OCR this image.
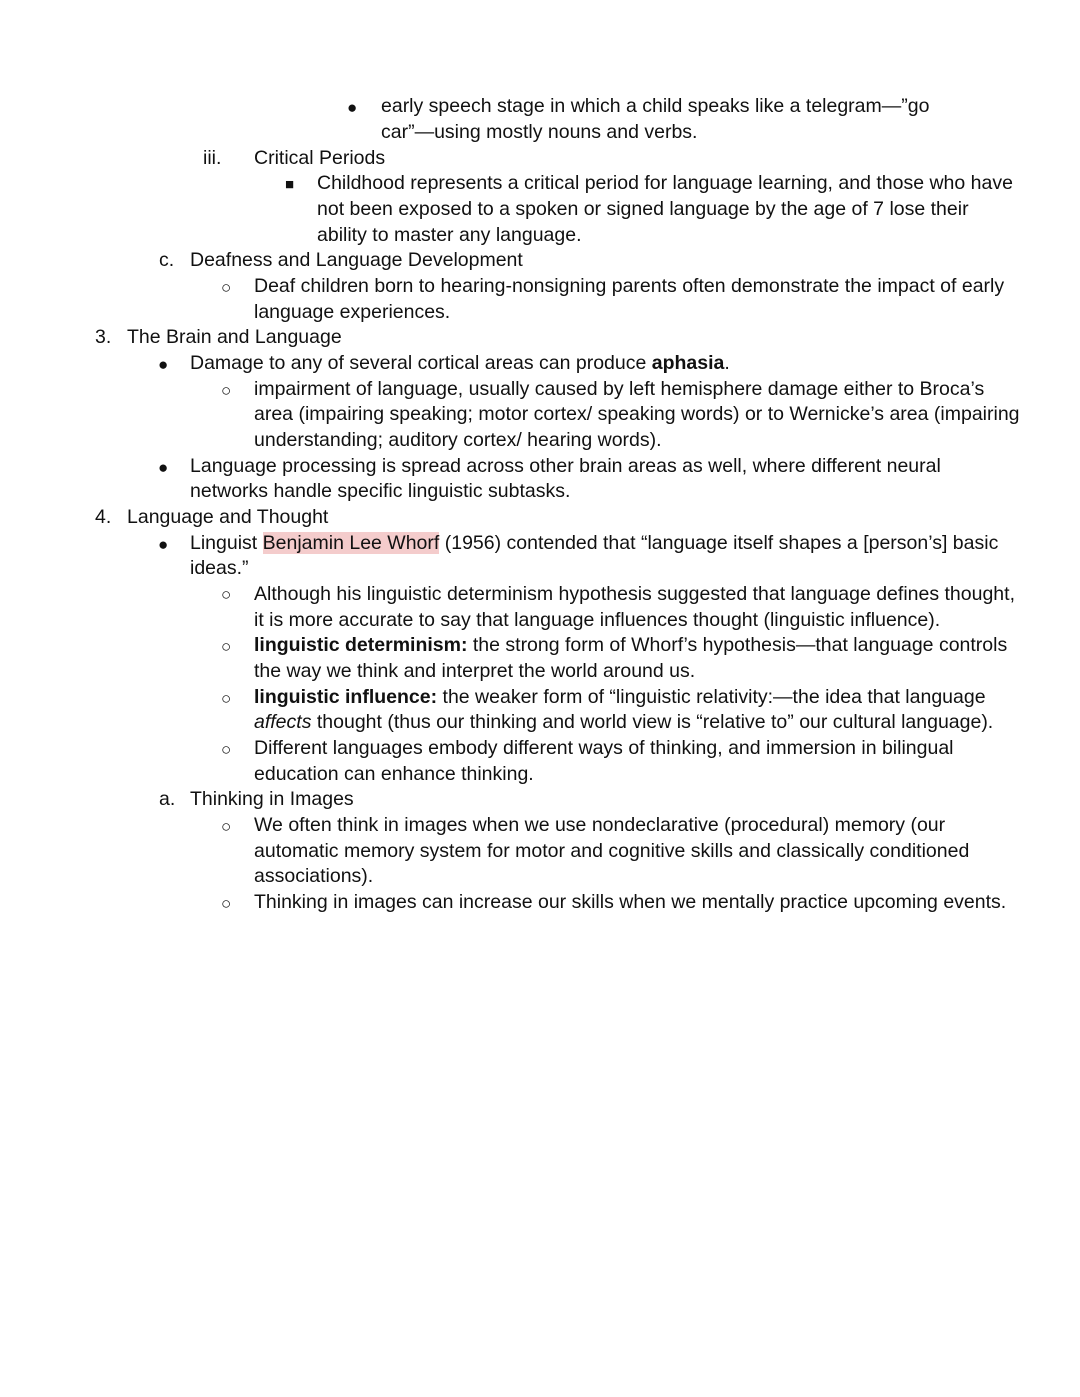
● early speech stage in which a child speaks like a telegram—”go
car”—using mostly nouns and verbs.
iii. Critical Periods
■ Childhood represents a critical period for language learning, and those who have
not been exposed to a spoken or signed language by the age of 7 lose their
ability to master any language.
c. Deafness and Language Development
○ Deaf children born to hearing-nonsigning parents often demonstrate the impact of early
language experiences.
3. The Brain and Language
● Damage to any of several cortical areas can produce aphasia.
○ impairment of language, usually caused by left hemisphere damage either to Broca’s
area (impairing speaking; motor cortex/ speaking words) or to Wernicke’s area (impairing
understanding; auditory cortex/ hearing words).
● Language processing is spread across other brain areas as well, where different neural
networks handle specific linguistic subtasks.
4. Language and Thought
● Linguist Benjamin Lee Whorf (1956) contended that “language itself shapes a [person’s] basic
ideas.”
○ Although his linguistic determinism hypothesis suggested that language defines thought,
it is more accurate to say that language influences thought (linguistic influence).
○ linguistic determinism: the strong form of Whorf’s hypothesis—that language controls
the way we think and interpret the world around us.
○ linguistic influence: the weaker form of “linguistic relativity:—the idea that language
affects thought (thus our thinking and world view is “relative to” our cultural language).
○ Different languages embody different ways of thinking, and immersion in bilingual
education can enhance thinking.
a. Thinking in Images
○ We often think in images when we use nondeclarative (procedural) memory (our
automatic memory system for motor and cognitive skills and classically conditioned
associations).
○ Thinking in images can increase our skills when we mentally practice upcoming events.
